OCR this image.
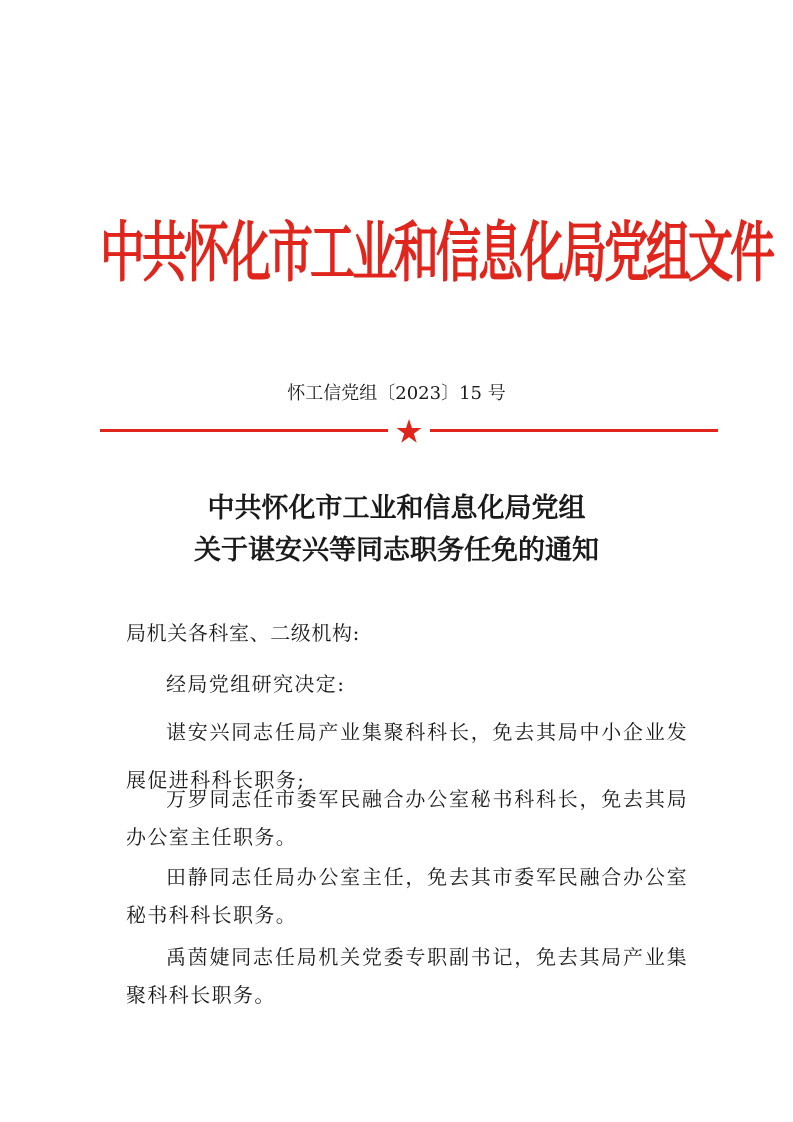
中共怀化市工业和信息化局党组文件
怀工信党组〔2023〕15 号
中共怀化市工业和信息化局党组
关于谌安兴等同志职务任免的通知

局机关各科室、二级机构:

经局党组研究决定:

谌安兴同志任局产业集聚科科长，免去其局中小企业发展促进科科长职务;

万罗同志任市委军民融合办公室秘书科科长，免去其局办公室主任职务。

田静同志任局办公室主任，免去其市委军民融合办公室秘书科科长职务。

禹茵婕同志任局机关党委专职副书记，免去其局产业集聚科科长职务。
